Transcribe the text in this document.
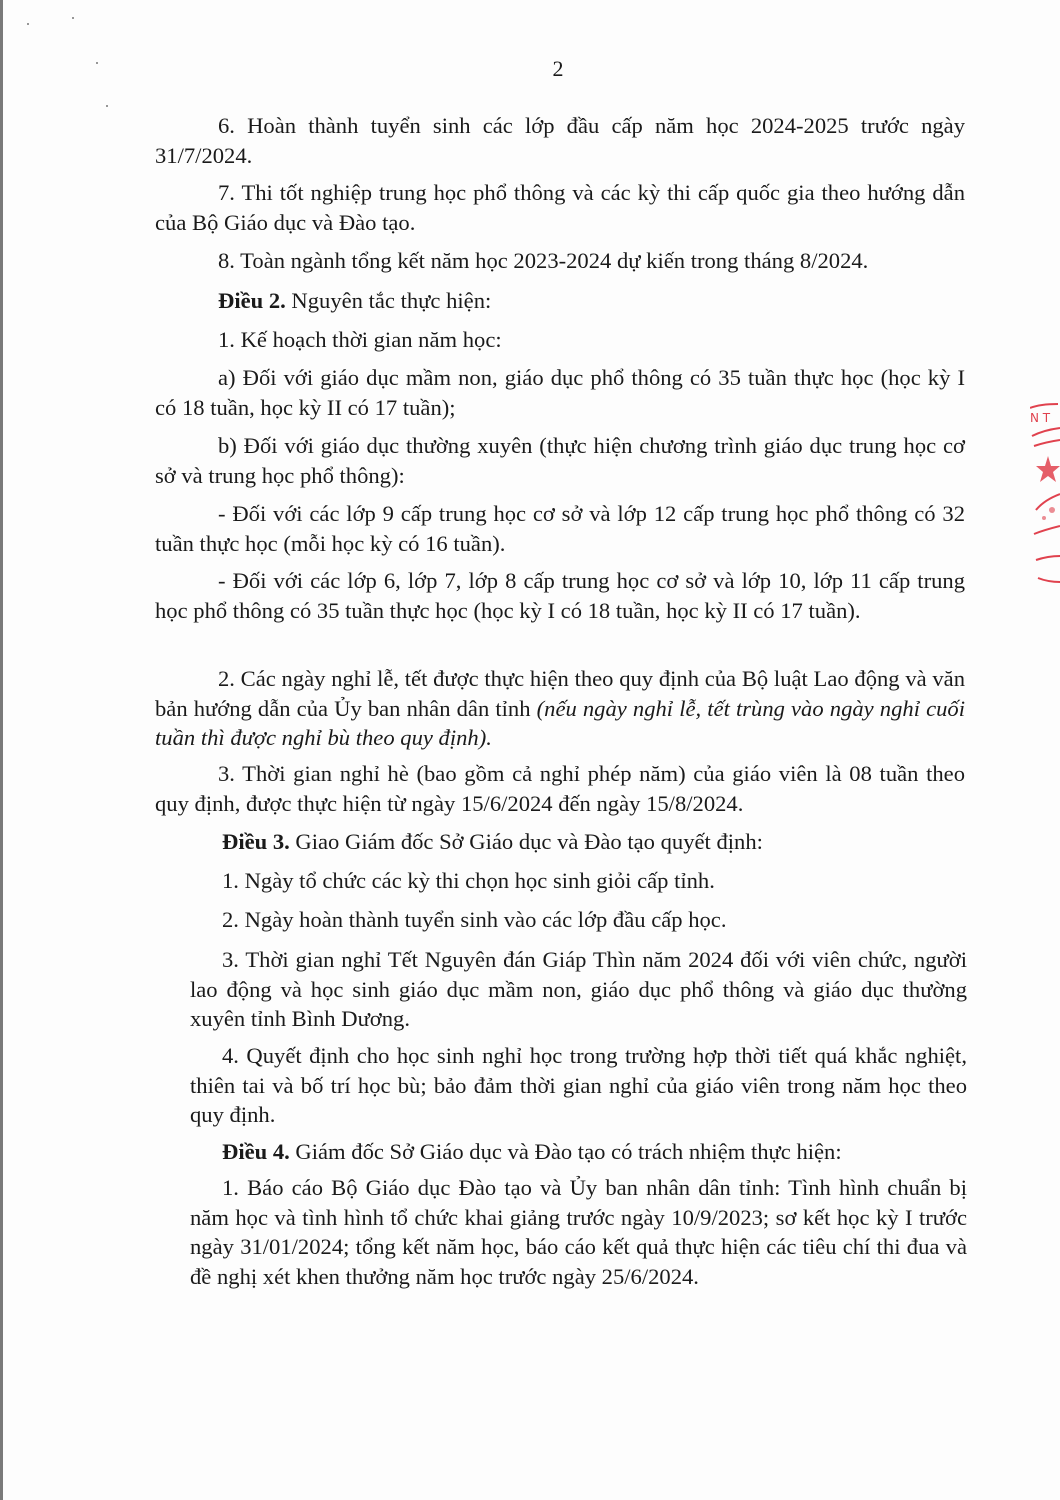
2
6. Hoàn thành tuyển sinh các lớp đầu cấp năm học 2024-2025 trước ngày 31/7/2024.
7. Thi tốt nghiệp trung học phổ thông và các kỳ thi cấp quốc gia theo hướng dẫn của Bộ Giáo dục và Đào tạo.
8. Toàn ngành tổng kết năm học 2023-2024 dự kiến trong tháng 8/2024.
Điều 2. Nguyên tắc thực hiện:
1. Kế hoạch thời gian năm học:
a) Đối với giáo dục mầm non, giáo dục phổ thông có 35 tuần thực học (học kỳ I có 18 tuần, học kỳ II có 17 tuần);
b) Đối với giáo dục thường xuyên (thực hiện chương trình giáo dục trung học cơ sở và trung học phổ thông):
- Đối với các lớp 9 cấp trung học cơ sở và lớp 12 cấp trung học phổ thông có 32 tuần thực học (mỗi học kỳ có 16 tuần).
- Đối với các lớp 6, lớp 7, lớp 8 cấp trung học cơ sở và lớp 10, lớp 11 cấp trung học phổ thông có 35 tuần thực học (học kỳ I có 18 tuần, học kỳ II có 17 tuần).
2. Các ngày nghỉ lễ, tết được thực hiện theo quy định của Bộ luật Lao động và văn bản hướng dẫn của Ủy ban nhân dân tỉnh (nếu ngày nghỉ lễ, tết trùng vào ngày nghỉ cuối tuần thì được nghỉ bù theo quy định).
3. Thời gian nghỉ hè (bao gồm cả nghỉ phép năm) của giáo viên là 08 tuần theo quy định, được thực hiện từ ngày 15/6/2024 đến ngày 15/8/2024.
Điều 3. Giao Giám đốc Sở Giáo dục và Đào tạo quyết định:
1. Ngày tổ chức các kỳ thi chọn học sinh giỏi cấp tỉnh.
2. Ngày hoàn thành tuyển sinh vào các lớp đầu cấp học.
3. Thời gian nghỉ Tết Nguyên đán Giáp Thìn năm 2024 đối với viên chức, người lao động và học sinh giáo dục mầm non, giáo dục phổ thông và giáo dục thường xuyên tỉnh Bình Dương.
4. Quyết định cho học sinh nghỉ học trong trường hợp thời tiết quá khắc nghiệt, thiên tai và bố trí học bù; bảo đảm thời gian nghỉ của giáo viên trong năm học theo quy định.
Điều 4. Giám đốc Sở Giáo dục và Đào tạo có trách nhiệm thực hiện:
1. Báo cáo Bộ Giáo dục Đào tạo và Ủy ban nhân dân tỉnh: Tình hình chuẩn bị năm học và tình hình tổ chức khai giảng trước ngày 10/9/2023; sơ kết học kỳ I trước ngày 31/01/2024; tổng kết năm học, báo cáo kết quả thực hiện các tiêu chí thi đua và đề nghị xét khen thưởng năm học trước ngày 25/6/2024.
N T
